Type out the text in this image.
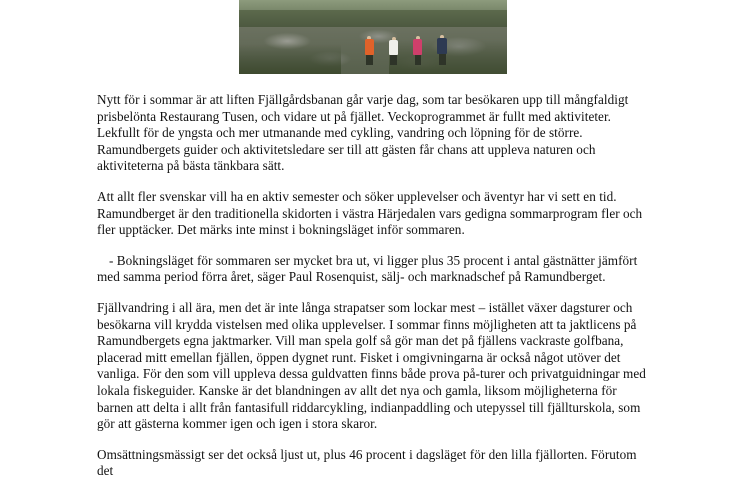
Nytt för i sommar är att liften Fjällgårdsbanan går varje dag, som tar besökaren upp till mångfaldigt prisbelönta Restaurang Tusen, och vidare ut på fjället. Veckoprogrammet är fullt med aktiviteter. Lekfullt för de yngsta och mer utmanande med cykling, vandring och löpning för de större. Ramundbergets guider och aktivitetsledare ser till att gästen får chans att uppleva naturen och aktiviteterna på bästa tänkbara sätt.

Att allt fler svenskar vill ha en aktiv semester och söker upplevelser och äventyr har vi sett en tid. Ramundberget är den traditionella skidorten i västra Härjedalen vars gedigna sommarprogram fler och fler upptäcker. Det märks inte minst i bokningsläget inför sommaren.

- Bokningsläget för sommaren ser mycket bra ut, vi ligger plus 35 procent i antal gästnätter jämfört med samma period förra året, säger Paul Rosenquist, sälj- och marknadschef på Ramundberget.

Fjällvandring i all ära, men det är inte långa strapatser som lockar mest – istället växer dagsturer och besökarna vill krydda vistelsen med olika upplevelser. I sommar finns möjligheten att ta jaktlicens på Ramundbergets egna jaktmarker. Vill man spela golf så gör man det på fjällens vackraste golfbana, placerad mitt emellan fjällen, öppen dygnet runt. Fisket i omgivningarna är också något utöver det vanliga. För den som vill uppleva dessa guldvatten finns både prova på-turer och privatguidningar med lokala fiskeguider. Kanske är det blandningen av allt det nya och gamla, liksom möjligheterna för barnen att delta i allt från fantasifull riddarcykling, indianpaddling och utepyssel till fjällturskola, som gör att gästerna kommer igen och igen i stora skaror.

Omsättningsmässigt ser det också ljust ut, plus 46 procent i dagsläget för den lilla fjällorten. Förutom det
